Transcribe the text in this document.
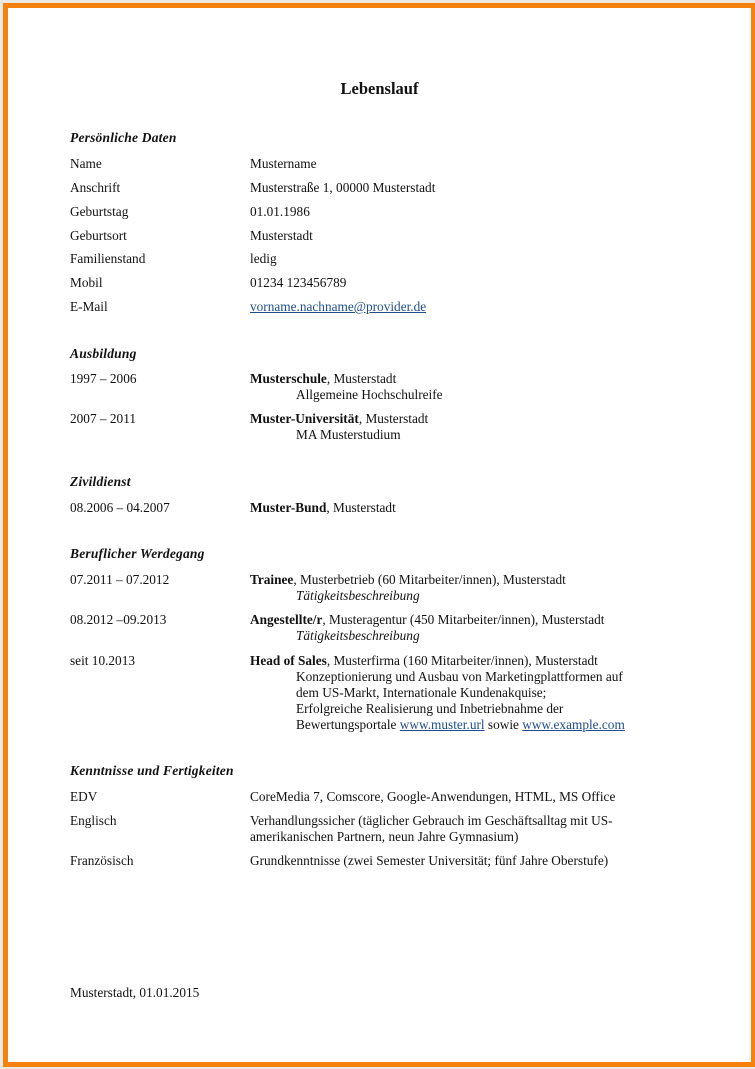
Lebenslauf
Persönliche Daten
Name	Mustername
Anschrift	Musterstraße 1, 00000 Musterstadt
Geburtstag	01.01.1986
Geburtsort	Musterstadt
Familienstand	ledig
Mobil	01234 123456789
E-Mail	vorname.nachname@provider.de
Ausbildung
1997 – 2006	Musterschule, Musterstadt
Allgemeine Hochschulreife
2007 – 2011	Muster-Universität, Musterstadt
MA Musterstudium
Zivildienst
08.2006 – 04.2007	Muster-Bund, Musterstadt
Beruflicher Werdegang
07.2011 – 07.2012	Trainee, Musterbetrieb (60 Mitarbeiter/innen), Musterstadt
Tätigkeitsbeschreibung
08.2012 –09.2013	Angestellte/r, Musteragentur (450 Mitarbeiter/innen), Musterstadt
Tätigkeitsbeschreibung
seit 10.2013	Head of Sales, Musterfirma (160 Mitarbeiter/innen), Musterstadt
Konzeptionierung und Ausbau von Marketingplattformen auf
dem US-Markt, Internationale Kundenakquise;
Erfolgreiche Realisierung und Inbetriebnahme der
Bewertungsportale www.muster.url sowie www.example.com
Kenntnisse und Fertigkeiten
EDV	CoreMedia 7, Comscore, Google-Anwendungen, HTML, MS Office
Englisch	Verhandlungssicher (täglicher Gebrauch im Geschäftsalltag mit US-
amerikanischen Partnern, neun Jahre Gymnasium)
Französisch	Grundkenntnisse (zwei Semester Universität; fünf Jahre Oberstufe)
Musterstadt, 01.01.2015
